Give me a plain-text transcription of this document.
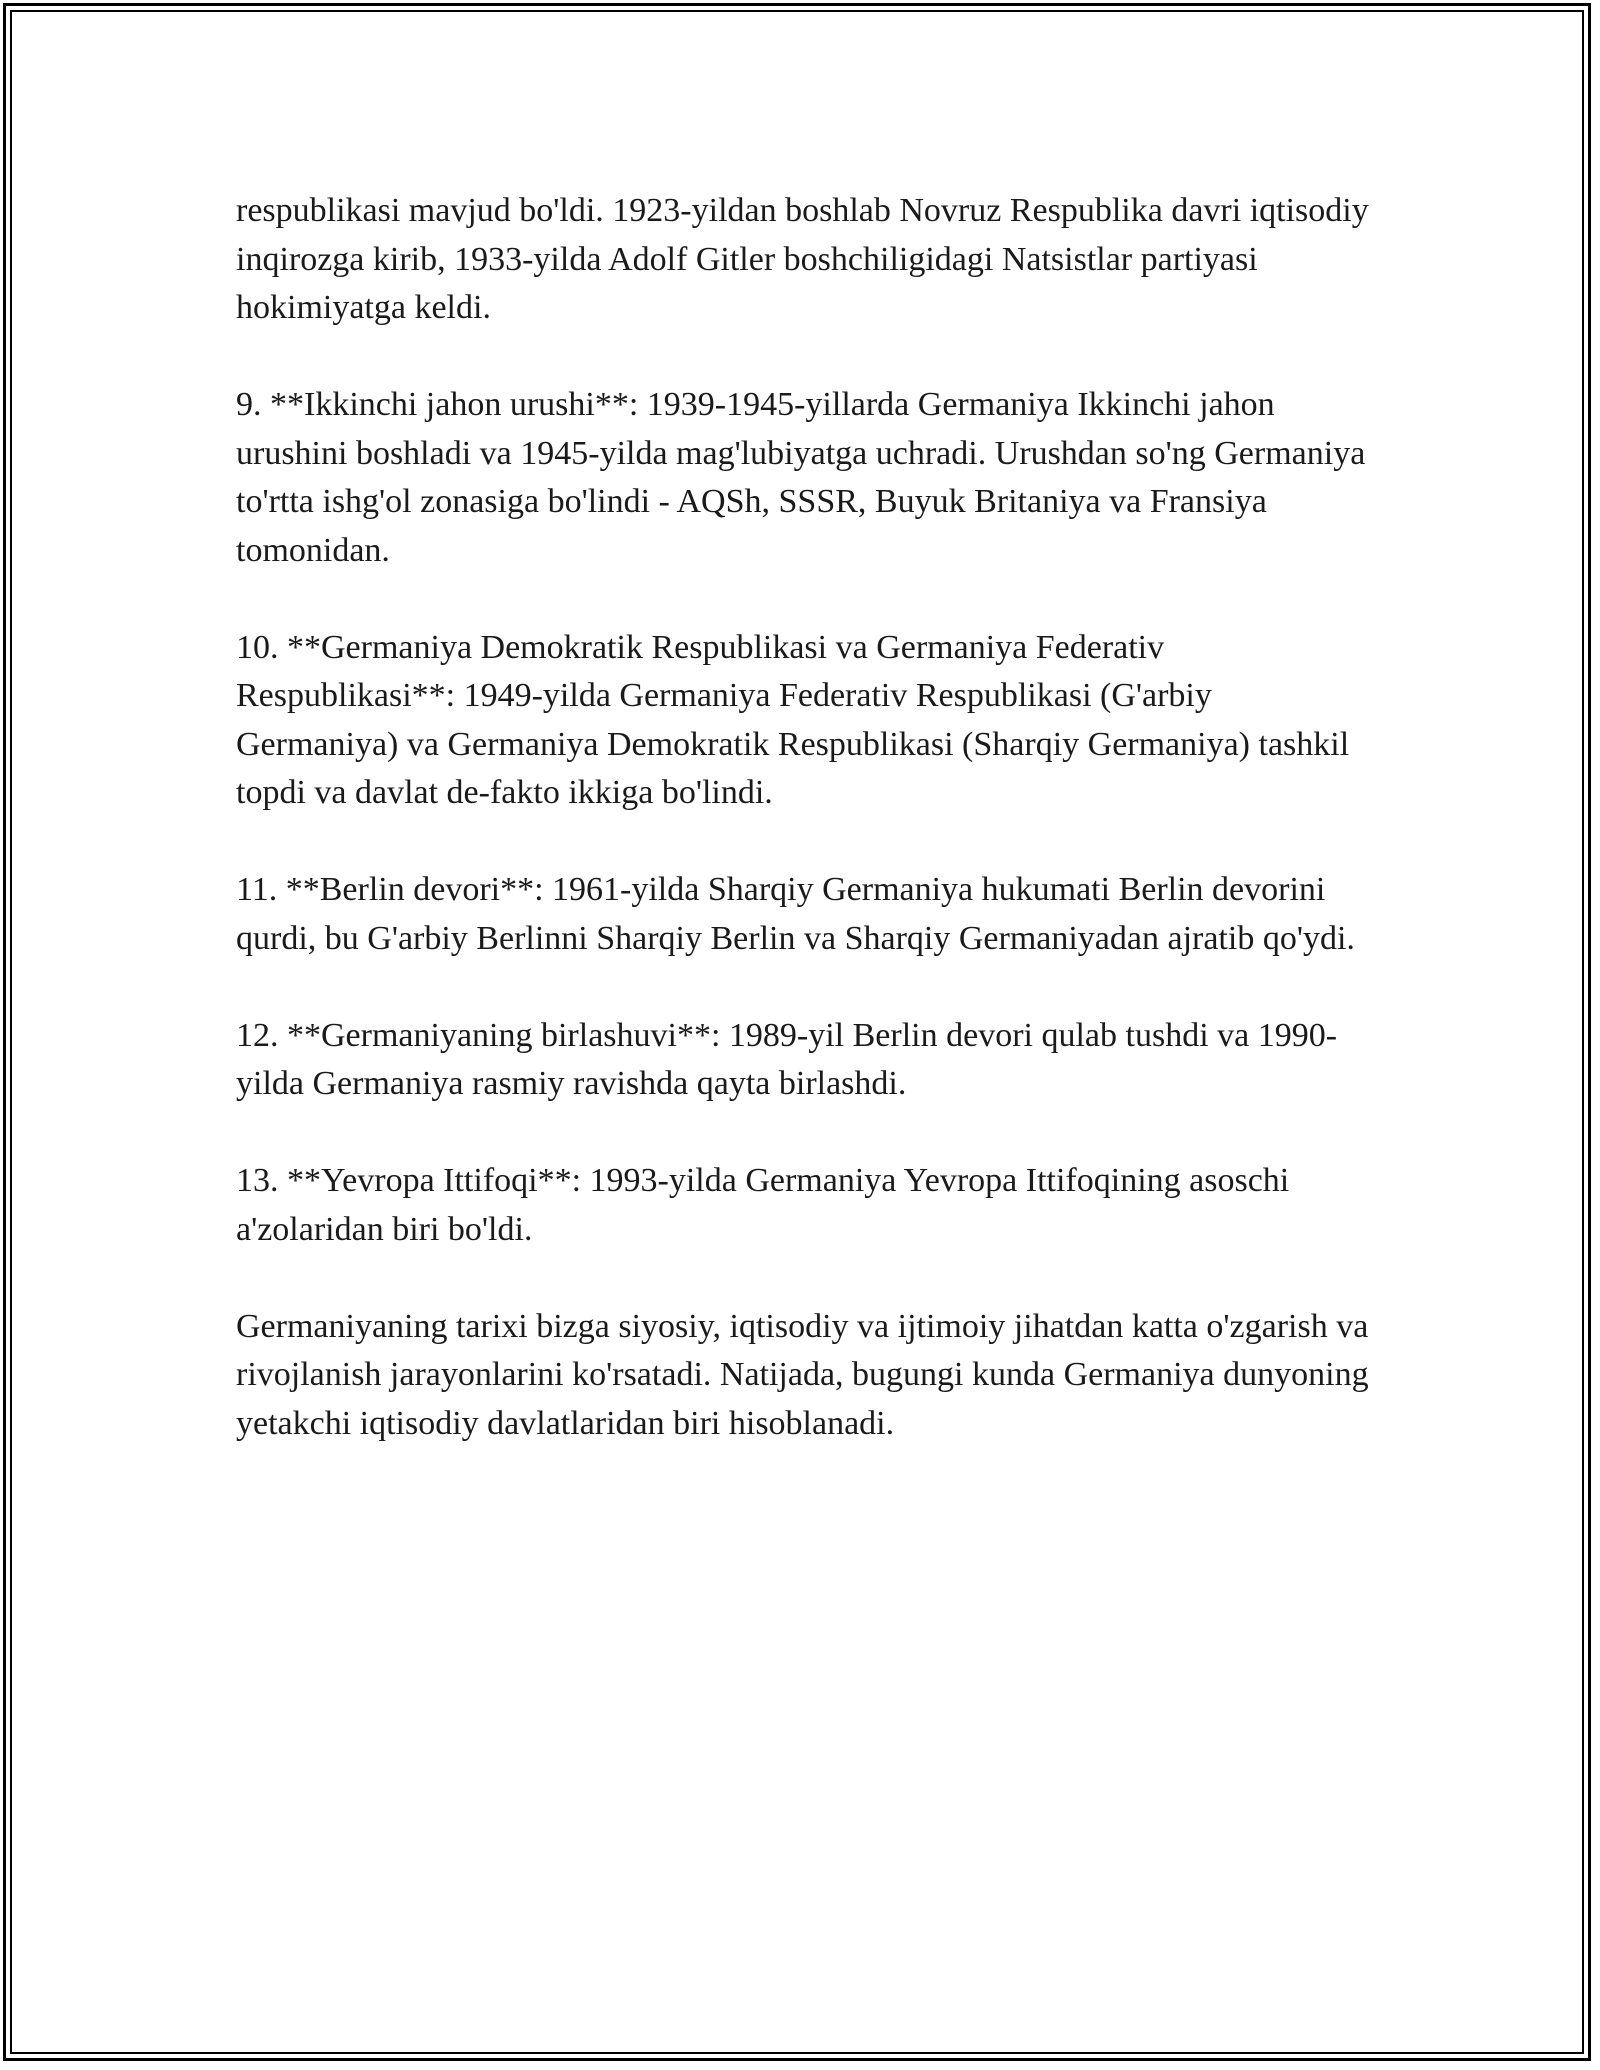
respublikasi mavjud bo'ldi. 1923-yildan boshlab Novruz Respublika davri iqtisodiy inqirozga kirib, 1933-yilda Adolf Gitler boshchiligidagi Natsistlar partiyasi hokimiyatga keldi.

9. **Ikkinchi jahon urushi**: 1939-1945-yillarda Germaniya Ikkinchi jahon urushini boshladi va 1945-yilda mag'lubiyatga uchradi. Urushdan so'ng Germaniya to'rtta ishg'ol zonasiga bo'lindi - AQSh, SSSR, Buyuk Britaniya va Fransiya tomonidan.

10. **Germaniya Demokratik Respublikasi va Germaniya Federativ Respublikasi**: 1949-yilda Germaniya Federativ Respublikasi (G'arbiy Germaniya) va Germaniya Demokratik Respublikasi (Sharqiy Germaniya) tashkil topdi va davlat de-fakto ikkiga bo'lindi.

11. **Berlin devori**: 1961-yilda Sharqiy Germaniya hukumati Berlin devorini qurdi, bu G'arbiy Berlinni Sharqiy Berlin va Sharqiy Germaniyadan ajratib qo'ydi.

12. **Germaniyaning birlashuvi**: 1989-yil Berlin devori qulab tushdi va 1990-yilda Germaniya rasmiy ravishda qayta birlashdi.

13. **Yevropa Ittifoqi**: 1993-yilda Germaniya Yevropa Ittifoqining asoschi a'zolaridan biri bo'ldi.

Germaniyaning tarixi bizga siyosiy, iqtisodiy va ijtimoiy jihatdan katta o'zgarish va rivojlanish jarayonlarini ko'rsatadi. Natijada, bugungi kunda Germaniya dunyoning yetakchi iqtisodiy davlatlaridan biri hisoblanadi.
